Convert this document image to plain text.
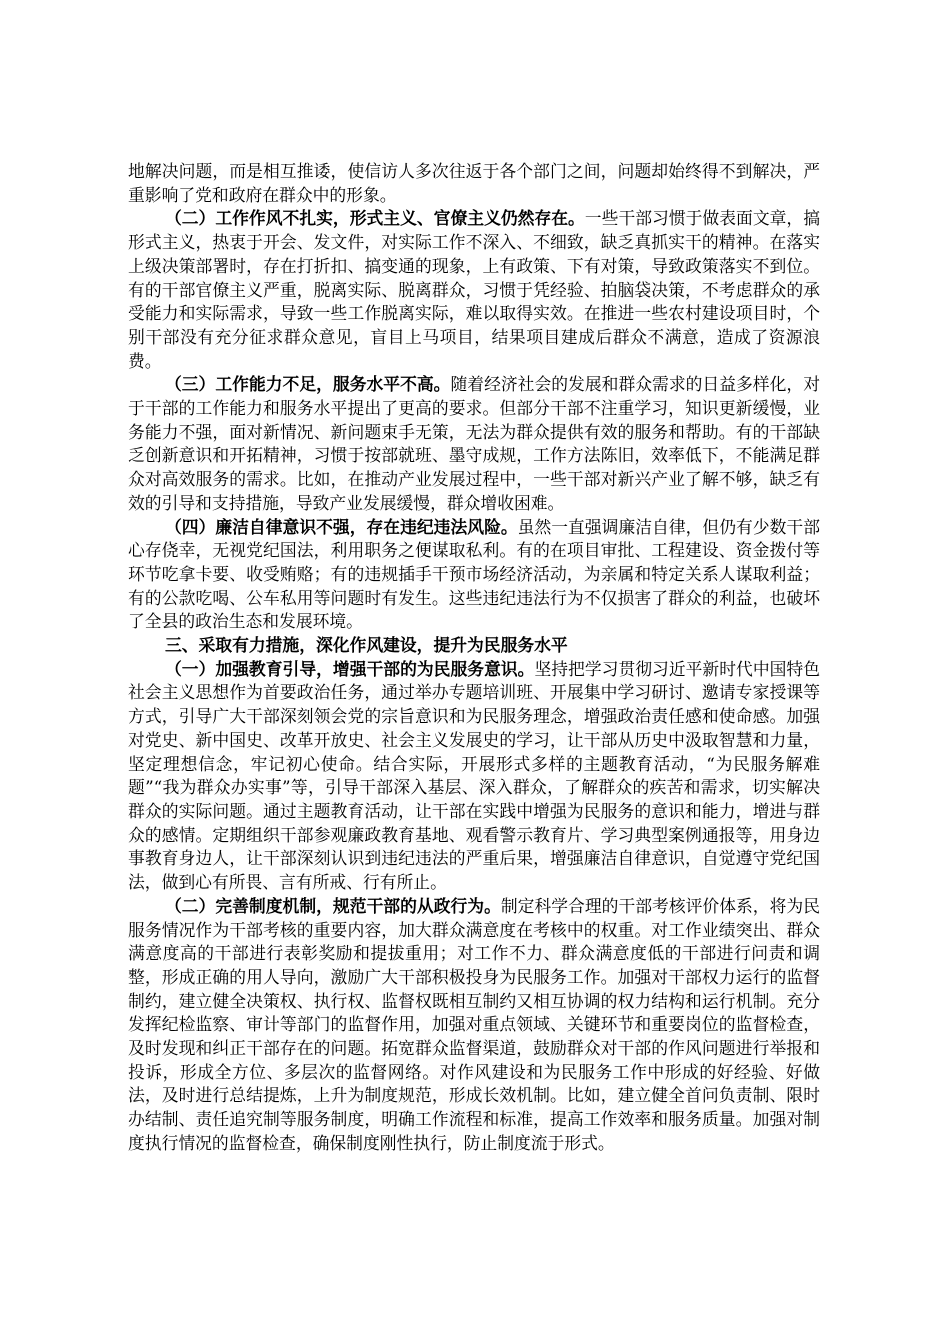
地解决问题，而是相互推诿，使信访人多次往返于各个部门之间，问题却始终得不到解决，严重影响了党和政府在群众中的形象。

（二）工作作风不扎实，形式主义、官僚主义仍然存在。一些干部习惯于做表面文章，搞形式主义，热衷于开会、发文件，对实际工作不深入、不细致，缺乏真抓实干的精神。在落实上级决策部署时，存在打折扣、搞变通的现象，上有政策、下有对策，导致政策落实不到位。有的干部官僚主义严重，脱离实际、脱离群众，习惯于凭经验、拍脑袋决策，不考虑群众的承受能力和实际需求，导致一些工作脱离实际，难以取得实效。在推进一些农村建设项目时，个别干部没有充分征求群众意见，盲目上马项目，结果项目建成后群众不满意，造成了资源浪费。

（三）工作能力不足，服务水平不高。随着经济社会的发展和群众需求的日益多样化，对于干部的工作能力和服务水平提出了更高的要求。但部分干部不注重学习，知识更新缓慢，业务能力不强，面对新情况、新问题束手无策，无法为群众提供有效的服务和帮助。有的干部缺乏创新意识和开拓精神，习惯于按部就班、墨守成规，工作方法陈旧，效率低下，不能满足群众对高效服务的需求。比如，在推动产业发展过程中，一些干部对新兴产业了解不够，缺乏有效的引导和支持措施，导致产业发展缓慢，群众增收困难。

（四）廉洁自律意识不强，存在违纪违法风险。虽然一直强调廉洁自律，但仍有少数干部心存侥幸，无视党纪国法，利用职务之便谋取私利。有的在项目审批、工程建设、资金拨付等环节吃拿卡要、收受贿赂；有的违规插手干预市场经济活动，为亲属和特定关系人谋取利益；有的公款吃喝、公车私用等问题时有发生。这些违纪违法行为不仅损害了群众的利益，也破坏了全县的政治生态和发展环境。

三、采取有力措施，深化作风建设，提升为民服务水平

（一）加强教育引导，增强干部的为民服务意识。坚持把学习贯彻习近平新时代中国特色社会主义思想作为首要政治任务，通过举办专题培训班、开展集中学习研讨、邀请专家授课等方式，引导广大干部深刻领会党的宗旨意识和为民服务理念，增强政治责任感和使命感。加强对党史、新中国史、改革开放史、社会主义发展史的学习，让干部从历史中汲取智慧和力量，坚定理想信念，牢记初心使命。结合实际，开展形式多样的主题教育活动，“为民服务解难题”“我为群众办实事”等，引导干部深入基层、深入群众，了解群众的疾苦和需求，切实解决群众的实际问题。通过主题教育活动，让干部在实践中增强为民服务的意识和能力，增进与群众的感情。定期组织干部参观廉政教育基地、观看警示教育片、学习典型案例通报等，用身边事教育身边人，让干部深刻认识到违纪违法的严重后果，增强廉洁自律意识，自觉遵守党纪国法，做到心有所畏、言有所戒、行有所止。

（二）完善制度机制，规范干部的从政行为。制定科学合理的干部考核评价体系，将为民服务情况作为干部考核的重要内容，加大群众满意度在考核中的权重。对工作业绩突出、群众满意度高的干部进行表彰奖励和提拔重用；对工作不力、群众满意度低的干部进行问责和调整，形成正确的用人导向，激励广大干部积极投身为民服务工作。加强对干部权力运行的监督制约，建立健全决策权、执行权、监督权既相互制约又相互协调的权力结构和运行机制。充分发挥纪检监察、审计等部门的监督作用，加强对重点领域、关键环节和重要岗位的监督检查，及时发现和纠正干部存在的问题。拓宽群众监督渠道，鼓励群众对干部的作风问题进行举报和投诉，形成全方位、多层次的监督网络。对作风建设和为民服务工作中形成的好经验、好做法，及时进行总结提炼，上升为制度规范，形成长效机制。比如，建立健全首问负责制、限时办结制、责任追究制等服务制度，明确工作流程和标准，提高工作效率和服务质量。加强对制度执行情况的监督检查，确保制度刚性执行，防止制度流于形式。
